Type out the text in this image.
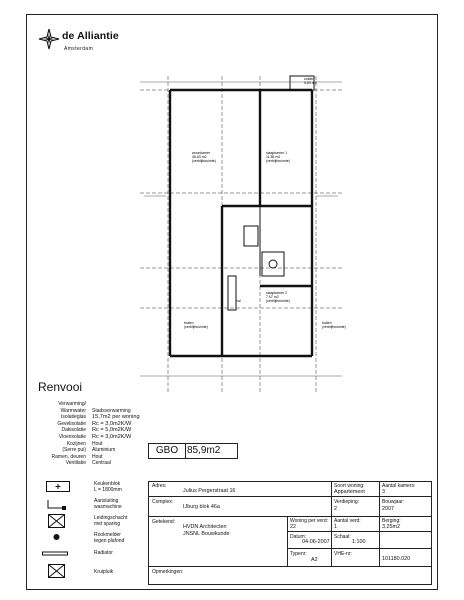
de Alliantie
Amsterdam
zolder
5,83 m2
woonkamer
36,63 m2
(verblijfsruimte)
slaapkamer 1
11,55 m2
(verblijfsruimte)
hal
slaapkamer 2
7,97 m2
(verblijfsruimte)
buiten
(verblijfsruimte)
buiten
(verblijfsruimte)
Renvooi
Verwarming/
Warmwater Stadsverwarming
Isolatieglas 15,7m2 per woning
Gevelisolatie Rc = 3,0m2K/W
Dakisolatie Rc = 5,0m2K/W
Vloerisolatie Rc = 3,0m2K/W
Kozijnen Hout
(Serre pui) Aluminium
Ramen, deuren Hout
Ventilatie Centraal
Keukenblok
L = 1800mm
Aansluiting
wasmachine
Leidingschacht
met sparing
Rookmelder
tegen plafond
Radiator
Kruipluik
GBO 85,9m2
Adres:
Julius Pergerstraat 16
Soort woning:
Appartement
Aantal kamers:
3
Complex:
IJburg blok 46a
Verdieping:
2
Bouwjaar:
2007
Getekend:
HVDN Architecten
JNSNL Bouwkunde
Woning per verd:
22
Aantal verd:
1
Berging:
3,25m2
Datum:
04-06-2007
Schaal:
1:100
Typenr:
A2
VHE-nr:
101180.020
Opmerkingen:
